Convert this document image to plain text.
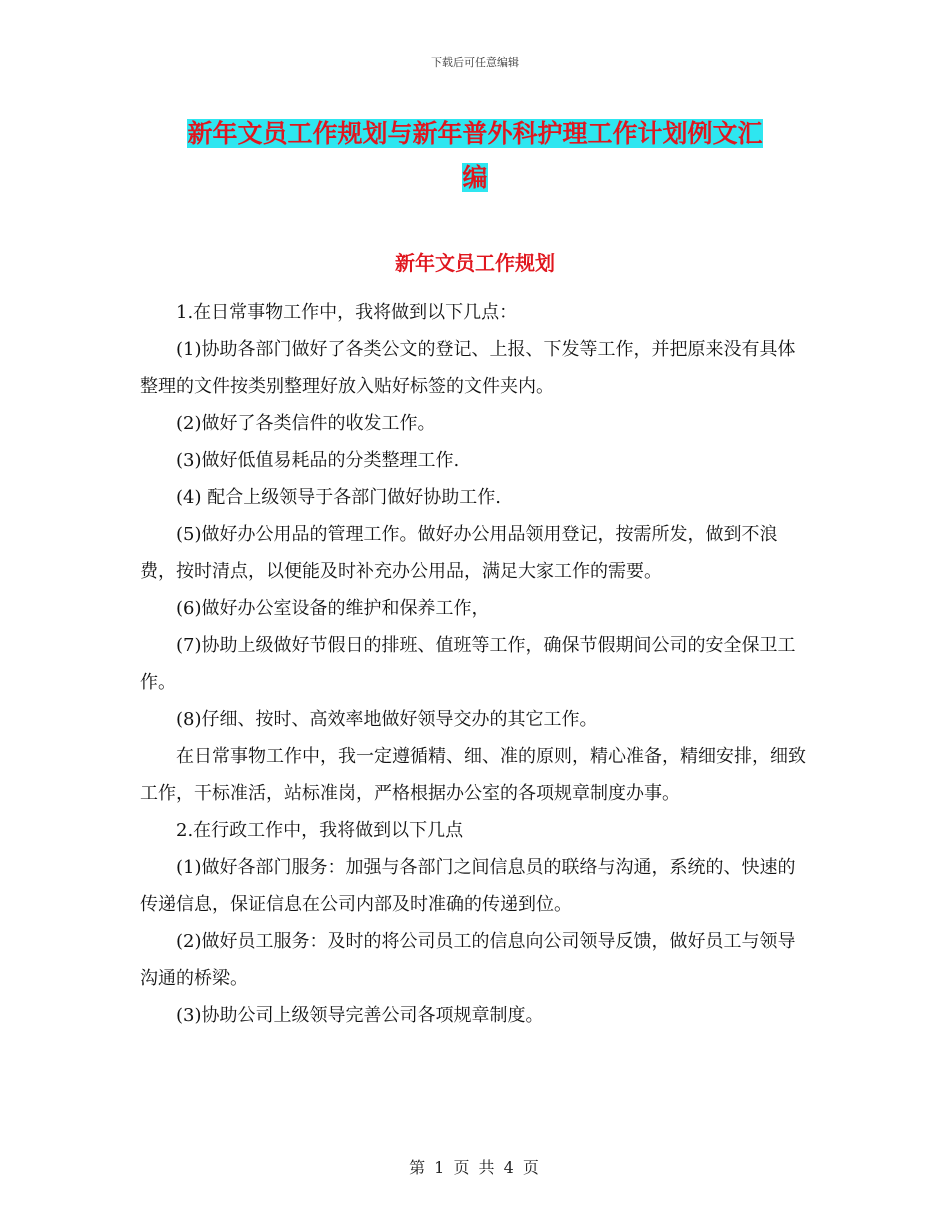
下载后可任意编辑
新年文员工作规划与新年普外科护理工作计划例文汇
编
新年文员工作规划

1.在日常事物工作中，我将做到以下几点：

(1)协助各部门做好了各类公文的登记、上报、下发等工作，并把原来没有具体整理的文件按类别整理好放入贴好标签的文件夹内。

(2)做好了各类信件的收发工作。

(3)做好低值易耗品的分类整理工作.

(4) 配合上级领导于各部门做好协助工作.

(5)做好办公用品的管理工作。做好办公用品领用登记，按需所发，做到不浪费，按时清点，以便能及时补充办公用品，满足大家工作的需要。

(6)做好办公室设备的维护和保养工作，

(7)协助上级做好节假日的排班、值班等工作，确保节假期间公司的安全保卫工作。

(8)仔细、按时、高效率地做好领导交办的其它工作。

在日常事物工作中，我一定遵循精、细、准的原则，精心准备，精细安排，细致工作，干标准活，站标准岗，严格根据办公室的各项规章制度办事。

2.在行政工作中，我将做到以下几点

(1)做好各部门服务：加强与各部门之间信息员的联络与沟通，系统的、快速的传递信息，保证信息在公司内部及时准确的传递到位。

(2)做好员工服务：及时的将公司员工的信息向公司领导反馈，做好员工与领导沟通的桥梁。

(3)协助公司上级领导完善公司各项规章制度。

第 1 页 共 4 页
